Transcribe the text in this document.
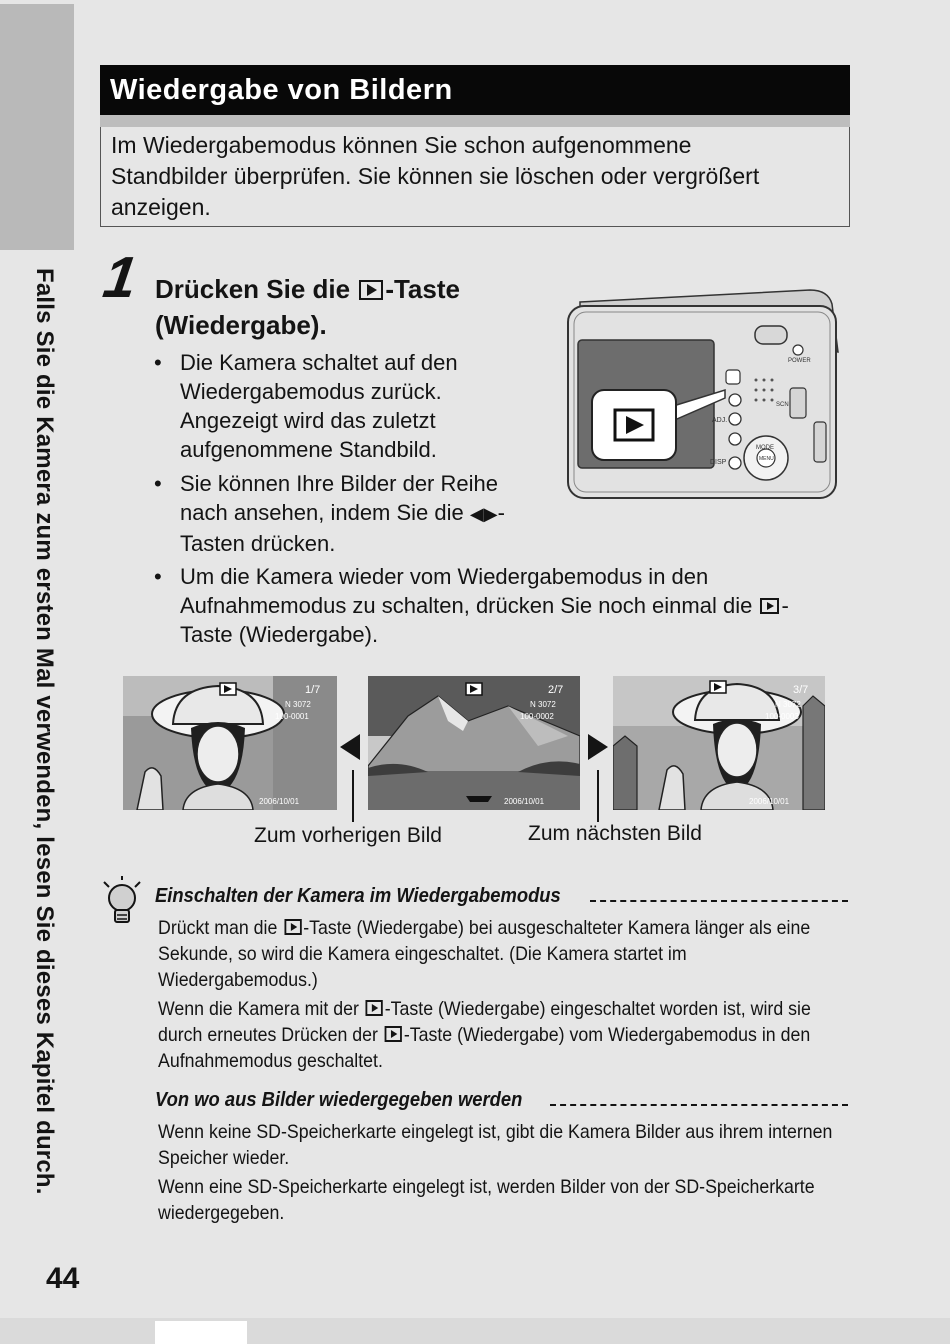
Falls Sie die Kamera zum ersten Mal verwenden, lesen Sie dieses Kapitel durch.
44
Wiedergabe von Bildern
Im Wiedergabemodus können Sie schon aufgenommene
Standbilder überprüfen. Sie können sie löschen oder vergrößert
anzeigen.
1 Drücken Sie die -Taste
(Wiedergabe).
• Die Kamera schaltet auf den
Wiedergabemodus zurück.
Angezeigt wird das zuletzt
aufgenommene Standbild.
• Sie können Ihre Bilder der Reihe
nach ansehen, indem Sie die ◀▶-
Tasten drücken.
• Um die Kamera wieder vom Wiedergabemodus in den
Aufnahmemodus zu schalten, drücken Sie noch einmal die -
Taste (Wiedergabe).
POWER
ADJ.
DISP
MODE
MENU
SCN
1/7
N 3072
100-0001
2006/10/01
2/7
N 3072
100-0002
2006/10/01
3/7
N 3072
100-0003
2006/10/01
Zum vorherigen Bild	Zum nächsten Bild
Einschalten der Kamera im Wiedergabemodus
Drückt man die -Taste (Wiedergabe) bei ausgeschalteter Kamera länger als eine
Sekunde, so wird die Kamera eingeschaltet. (Die Kamera startet im
Wiedergabemodus.)
Wenn die Kamera mit der -Taste (Wiedergabe) eingeschaltet worden ist, wird sie
durch erneutes Drücken der -Taste (Wiedergabe) vom Wiedergabemodus in den
Aufnahmemodus geschaltet.
Von wo aus Bilder wiedergegeben werden
Wenn keine SD-Speicherkarte eingelegt ist, gibt die Kamera Bilder aus ihrem internen
Speicher wieder.
Wenn eine SD-Speicherkarte eingelegt ist, werden Bilder von der SD-Speicherkarte
wiedergegeben.
